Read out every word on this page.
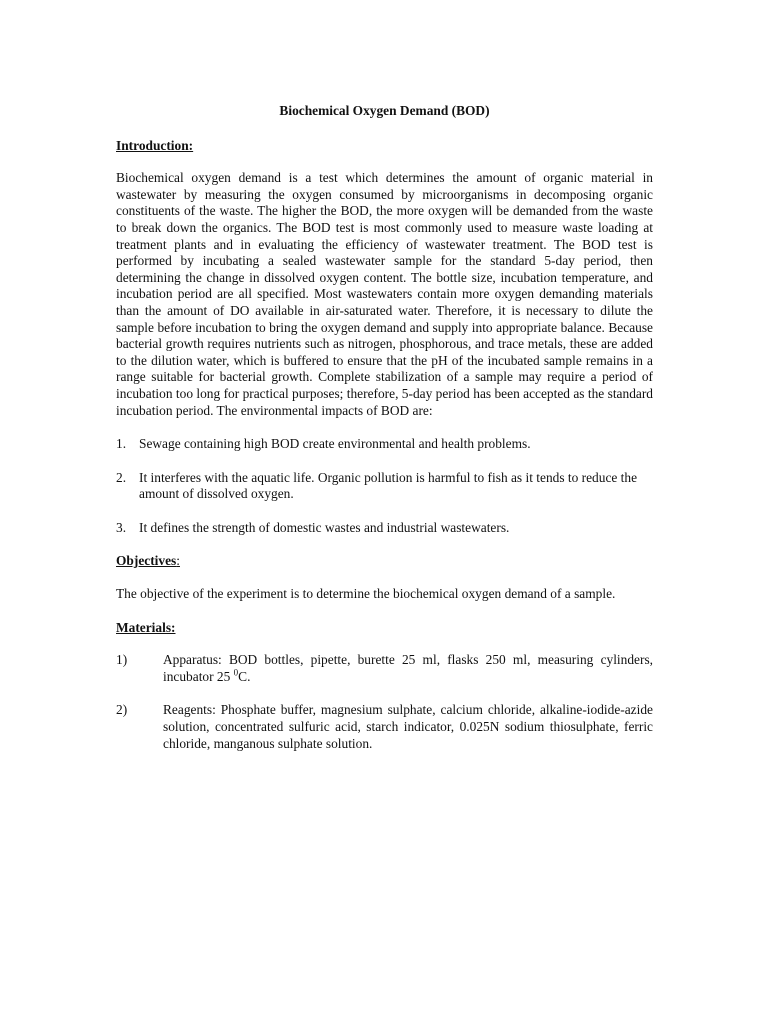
Biochemical Oxygen Demand (BOD)
Introduction:

Biochemical oxygen demand is a test which determines the amount of organic material in wastewater by measuring the oxygen consumed by microorganisms in decomposing organic constituents of the waste. The higher the BOD, the more oxygen will be demanded from the waste to break down the organics. The BOD test is most commonly used to measure waste loading at treatment plants and in evaluating the efficiency of wastewater treatment. The BOD test is performed by incubating a sealed wastewater sample for the standard 5-day period, then determining the change in dissolved oxygen content. The bottle size, incubation temperature, and incubation period are all specified. Most wastewaters contain more oxygen demanding materials than the amount of DO available in air-saturated water. Therefore, it is necessary to dilute the sample before incubation to bring the oxygen demand and supply into appropriate balance. Because bacterial growth requires nutrients such as nitrogen, phosphorous, and trace metals, these are added to the dilution water, which is buffered to ensure that the pH of the incubated sample remains in a range suitable for bacterial growth. Complete stabilization of a sample may require a period of incubation too long for practical purposes; therefore, 5-day period has been accepted as the standard incubation period. The environmental impacts of BOD are:

1. Sewage containing high BOD create environmental and health problems.
2. It interferes with the aquatic life. Organic pollution is harmful to fish as it tends to reduce the amount of dissolved oxygen.
3. It defines the strength of domestic wastes and industrial wastewaters.
Objectives:

The objective of the experiment is to determine the biochemical oxygen demand of a sample.

Materials:
1)	Apparatus: BOD bottles, pipette, burette 25 ml, flasks 250 ml, measuring cylinders, incubator 25 $^0$C.
2)	Reagents: Phosphate buffer, magnesium sulphate, calcium chloride, alkaline-iodide-azide solution, concentrated sulfuric acid, starch indicator, 0.025N sodium thiosulphate, ferric chloride, manganous sulphate solution.
